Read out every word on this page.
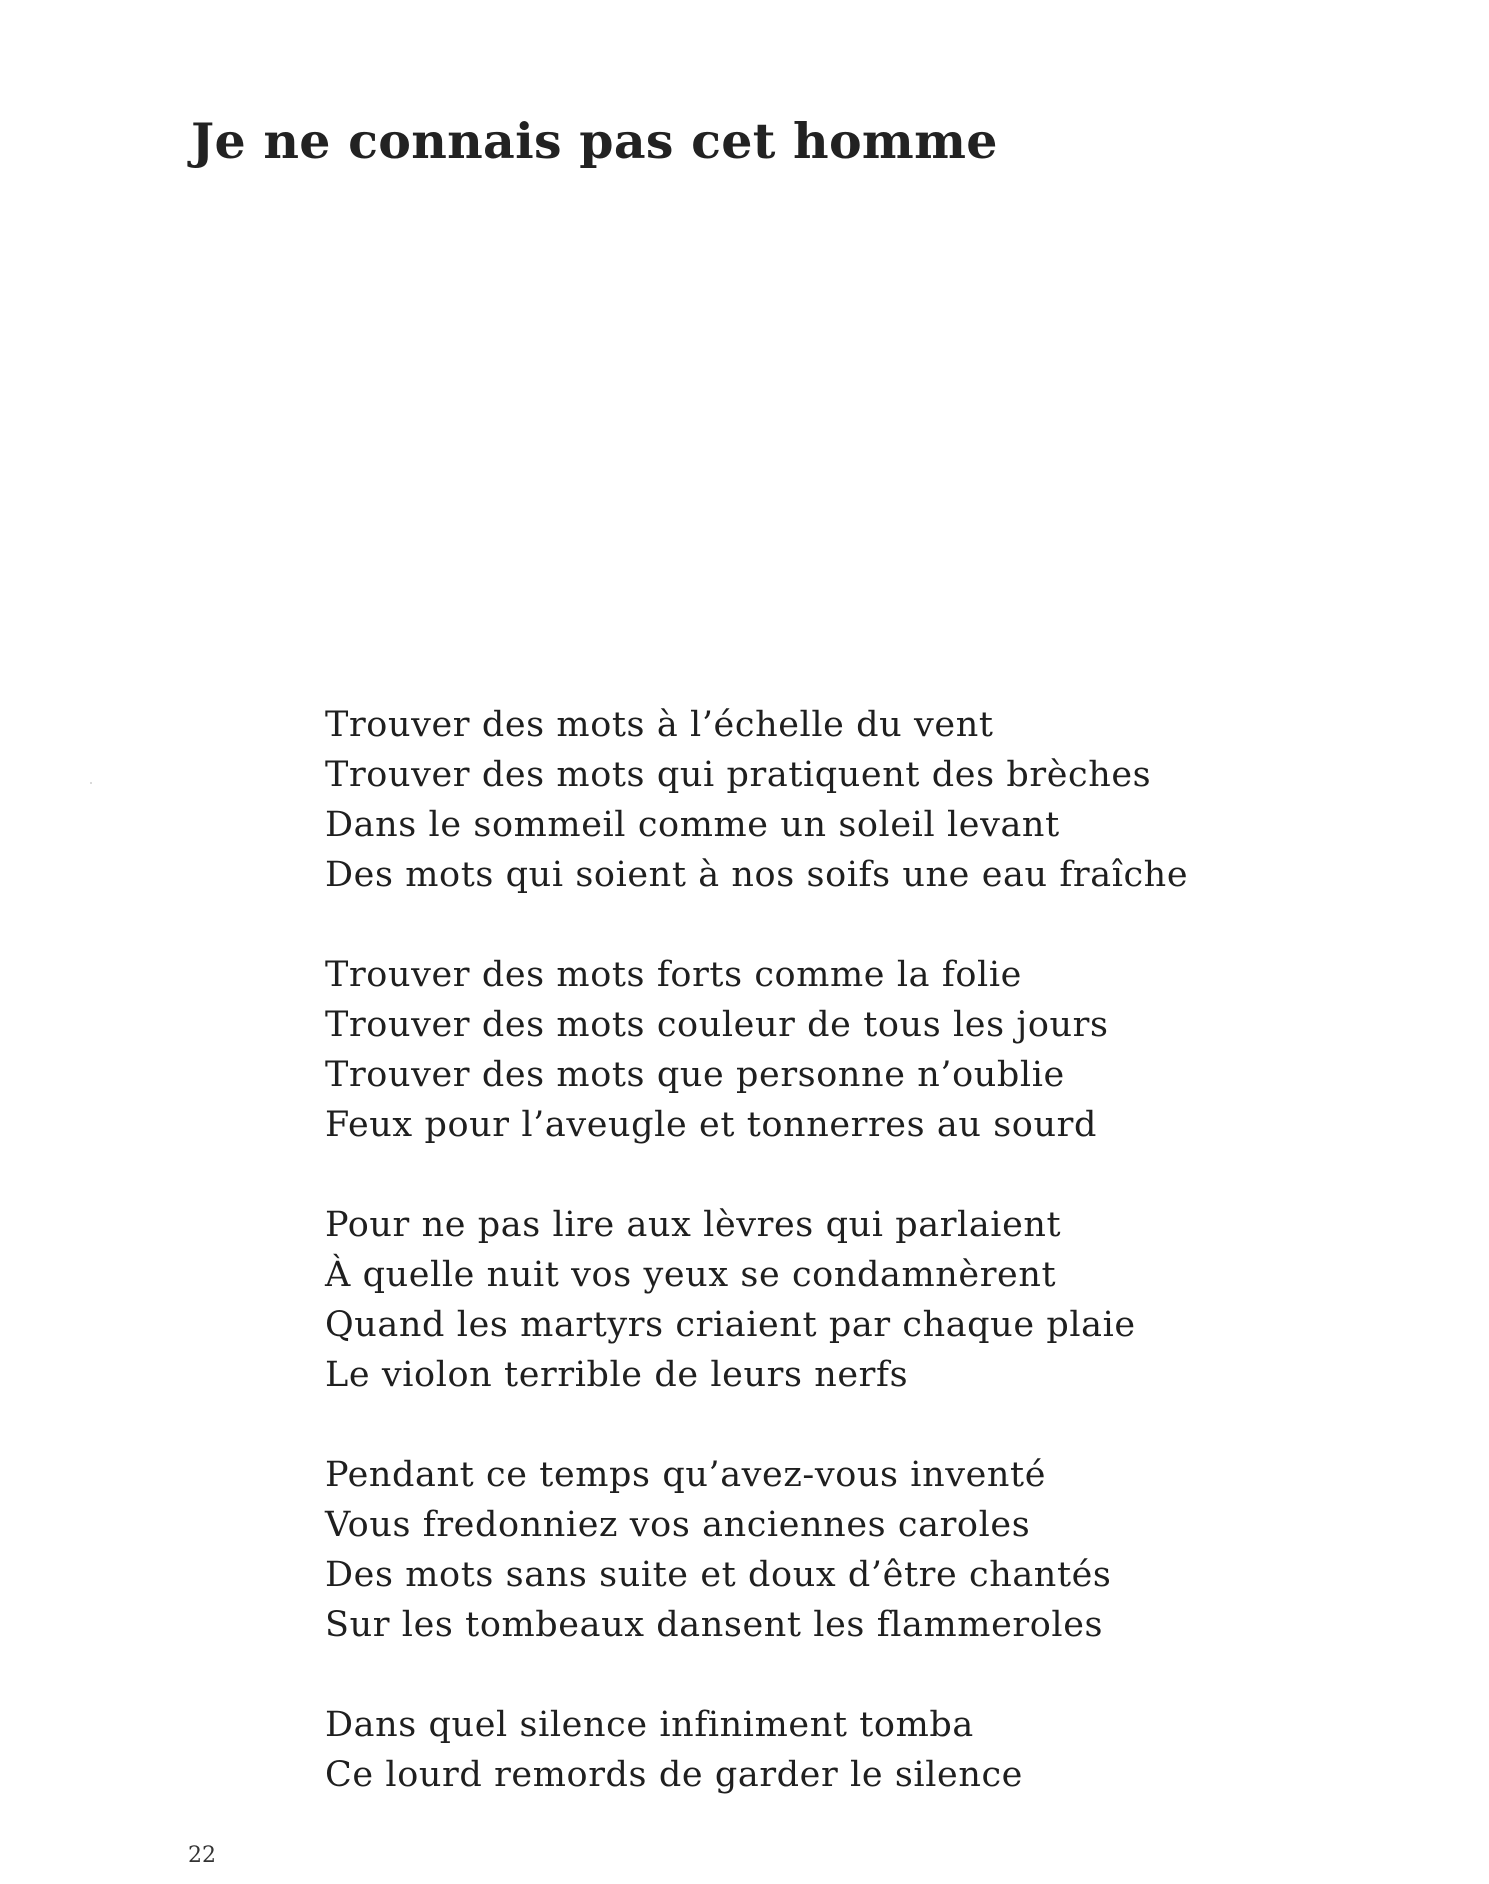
Je ne connais pas cet homme
Trouver des mots à l’échelle du vent
Trouver des mots qui pratiquent des brèches
Dans le sommeil comme un soleil levant
Des mots qui soient à nos soifs une eau fraîche
Trouver des mots forts comme la folie
Trouver des mots couleur de tous les jours
Trouver des mots que personne n’oublie
Feux pour l’aveugle et tonnerres au sourd
Pour ne pas lire aux lèvres qui parlaient
À quelle nuit vos yeux se condamnèrent
Quand les martyrs criaient par chaque plaie
Le violon terrible de leurs nerfs
Pendant ce temps qu’avez-vous inventé
Vous fredonniez vos anciennes caroles
Des mots sans suite et doux d’être chantés
Sur les tombeaux dansent les flammeroles
Dans quel silence infiniment tomba
Ce lourd remords de garder le silence
22
